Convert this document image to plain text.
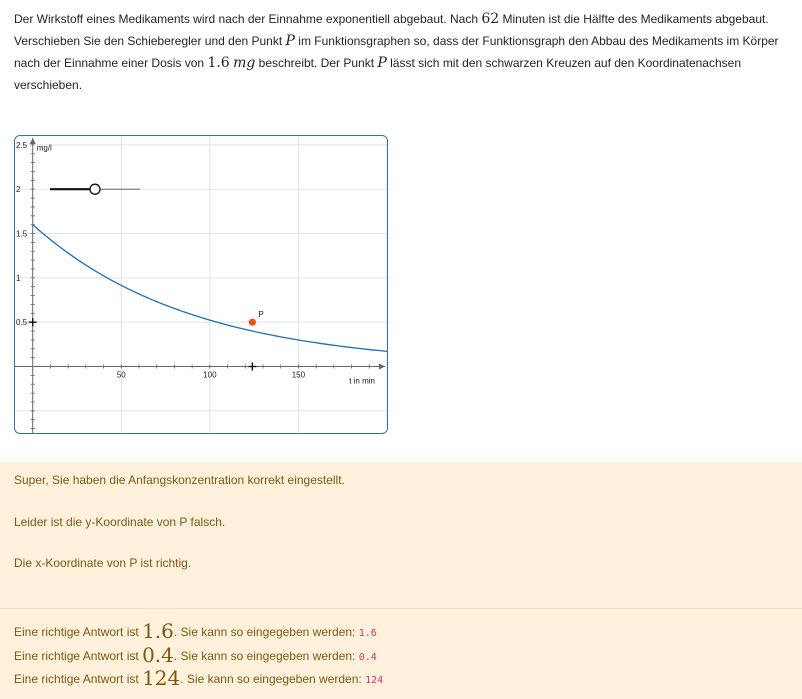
Der Wirkstoff eines Medikaments wird nach der Einnahme exponentiell abgebaut. Nach 62 Minuten ist die Hälfte des Medikaments abgebaut.

Verschieben Sie den Schieberegler und den Punkt P im Funktionsgraphen so, dass der Funktionsgraph den Abbau des Medikaments im Körper

nach der Einnahme einer Dosis von 1.6 mg beschreibt. Der Punkt P lässt sich mit den schwarzen Kreuzen auf den Koordinatenachsen

verschieben.

50	100	150
0.5
1
1.5
2
2.5 mg/l
t in min
P
Super, Sie haben die Anfangskonzentration korrekt eingestellt.
Leider ist die y-Koordinate von P falsch.
Die x-Koordinate von P ist richtig.
Eine richtige Antwort ist 1.6. Sie kann so eingegeben werden: 1.6
Eine richtige Antwort ist 0.4. Sie kann so eingegeben werden: 0.4
Eine richtige Antwort ist 124. Sie kann so eingegeben werden: 124
